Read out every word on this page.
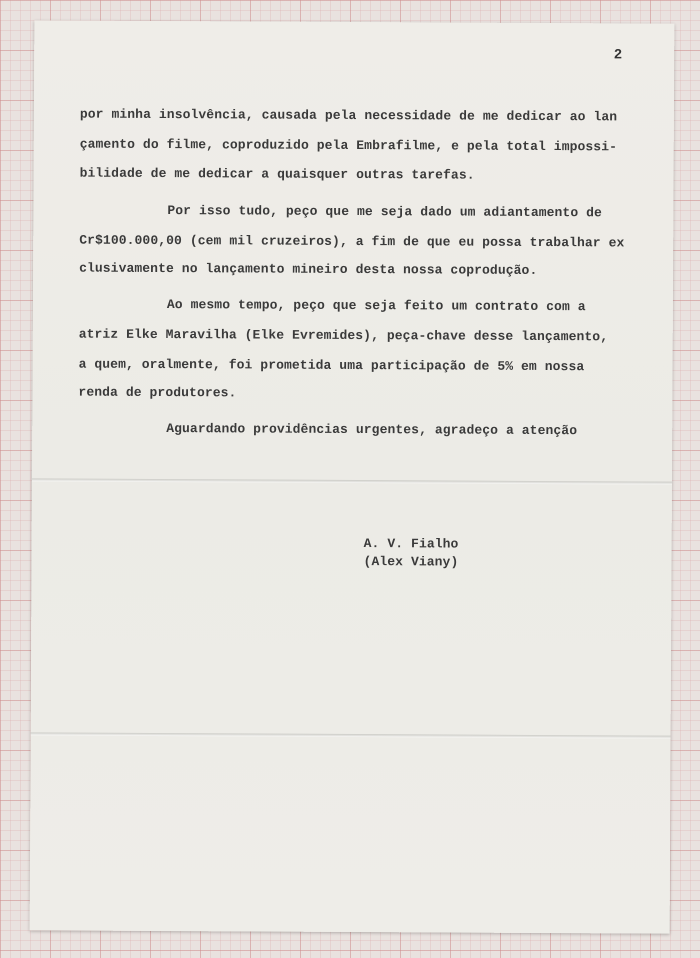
2
por minha insolvência, causada pela necessidade de me dedicar ao lan
çamento do filme, coproduzido pela Embrafilme, e pela total impossi-
bilidade de me dedicar a quaisquer outras tarefas.
Por isso tudo, peço que me seja dado um adiantamento de
Cr$100.000,00 (cem mil cruzeiros), a fim de que eu possa trabalhar ex
clusivamente no lançamento mineiro desta nossa coprodução.
Ao mesmo tempo, peço que seja feito um contrato com a
atriz Elke Maravilha (Elke Evremides), peça-chave desse lançamento,
a quem, oralmente, foi prometida uma participação de 5% em nossa
renda de produtores.
Aguardando providências urgentes, agradeço a atenção
A. V. Fialho
(Alex Viany)
